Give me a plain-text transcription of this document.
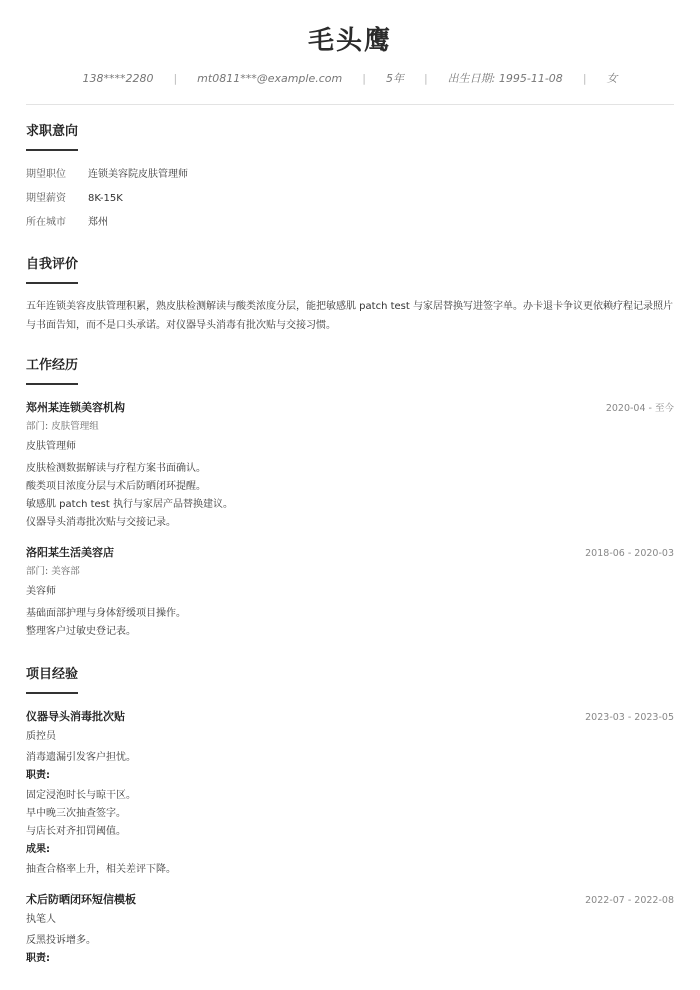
毛头鹰
138****2280 | mt0811***@example.com | 5年 | 出生日期: 1995-11-08 | 女
求职意向
期望职位 连锁美容院皮肤管理师
期望薪资 8K-15K
所在城市 郑州
自我评价
五年连锁美容皮肤管理积累，熟皮肤检测解读与酸类浓度分层，能把敏感肌 patch test 与家居替换写进签字单。办卡退卡争议更依赖疗程记录照片与书面告知，而不是口头承诺。对仪器导头消毒有批次贴与交接习惯。
工作经历
郑州某连锁美容机构	2020-04 - 至今
部门: 皮肤管理组
皮肤管理师
皮肤检测数据解读与疗程方案书面确认。
酸类项目浓度分层与术后防晒闭环提醒。
敏感肌 patch test 执行与家居产品替换建议。
仪器导头消毒批次贴与交接记录。
洛阳某生活美容店	2018-06 - 2020-03
部门: 美容部
美容师
基础面部护理与身体舒缓项目操作。
整理客户过敏史登记表。
项目经验
仪器导头消毒批次贴	2023-03 - 2023-05
质控员
消毒遗漏引发客户担忧。
职责:
固定浸泡时长与晾干区。
早中晚三次抽查签字。
与店长对齐扣罚阈值。
成果:
抽查合格率上升，相关差评下降。
术后防晒闭环短信模板	2022-07 - 2022-08
执笔人
反黑投诉增多。
职责:
